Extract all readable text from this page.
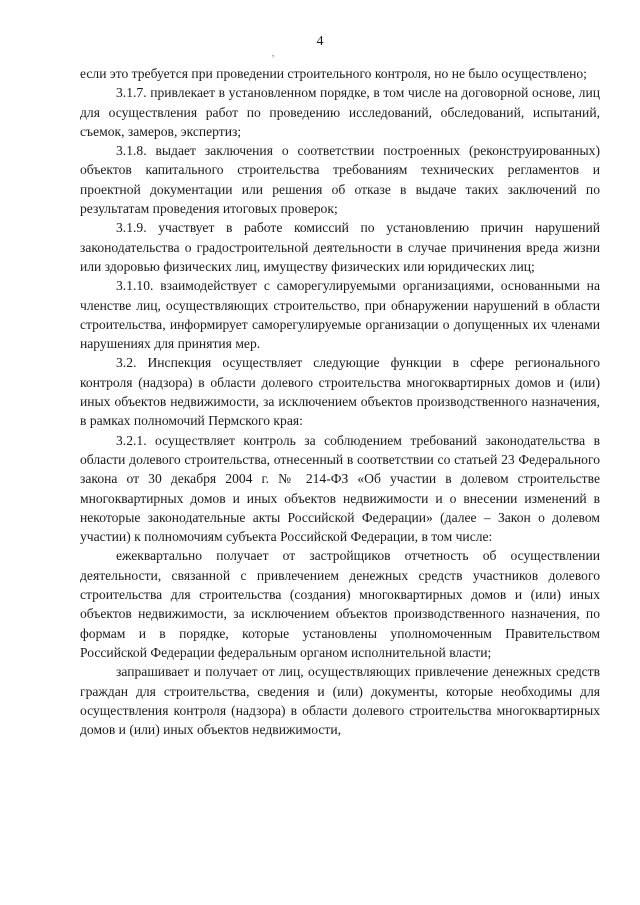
4
,

если это требуется при проведении строительного контроля, но не было осуществлено;

3.1.7. привлекает в установленном порядке, в том числе на договорной основе, лиц для осуществления работ по проведению исследований, обследований, испытаний, съемок, замеров, экспертиз;

3.1.8. выдает заключения о соответствии построенных (реконструированных) объектов капитального строительства требованиям технических регламентов и проектной документации или решения об отказе в выдаче таких заключений по результатам проведения итоговых проверок;

3.1.9. участвует в работе комиссий по установлению причин нарушений законодательства о градостроительной деятельности в случае причинения вреда жизни или здоровью физических лиц, имуществу физических или юридических лиц;

3.1.10. взаимодействует с саморегулируемыми организациями, основанными на членстве лиц, осуществляющих строительство, при обнаружении нарушений в области строительства, информирует саморегулируемые организации о допущенных их членами нарушениях для принятия мер.

3.2. Инспекция осуществляет следующие функции в сфере регионального контроля (надзора) в области долевого строительства многоквартирных домов и (или) иных объектов недвижимости, за исключением объектов производственного назначения, в рамках полномочий Пермского края:

3.2.1. осуществляет контроль за соблюдением требований законодательства в области долевого строительства, отнесенный в соответствии со статьей 23 Федерального закона от 30 декабря 2004 г. № 214-ФЗ «Об участии в долевом строительстве многоквартирных домов и иных объектов недвижимости и о внесении изменений в некоторые законодательные акты Российской Федерации» (далее – Закон о долевом участии) к полномочиям субъекта Российской Федерации, в том числе:

ежеквартально получает от застройщиков отчетность об осуществлении деятельности, связанной с привлечением денежных средств участников долевого строительства для строительства (создания) многоквартирных домов и (или) иных объектов недвижимости, за исключением объектов производственного назначения, по формам и в порядке, которые установлены уполномоченным Правительством Российской Федерации федеральным органом исполнительной власти;

запрашивает и получает от лиц, осуществляющих привлечение денежных средств граждан для строительства, сведения и (или) документы, которые необходимы для осуществления контроля (надзора) в области долевого строительства многоквартирных домов и (или) иных объектов недвижимости,
